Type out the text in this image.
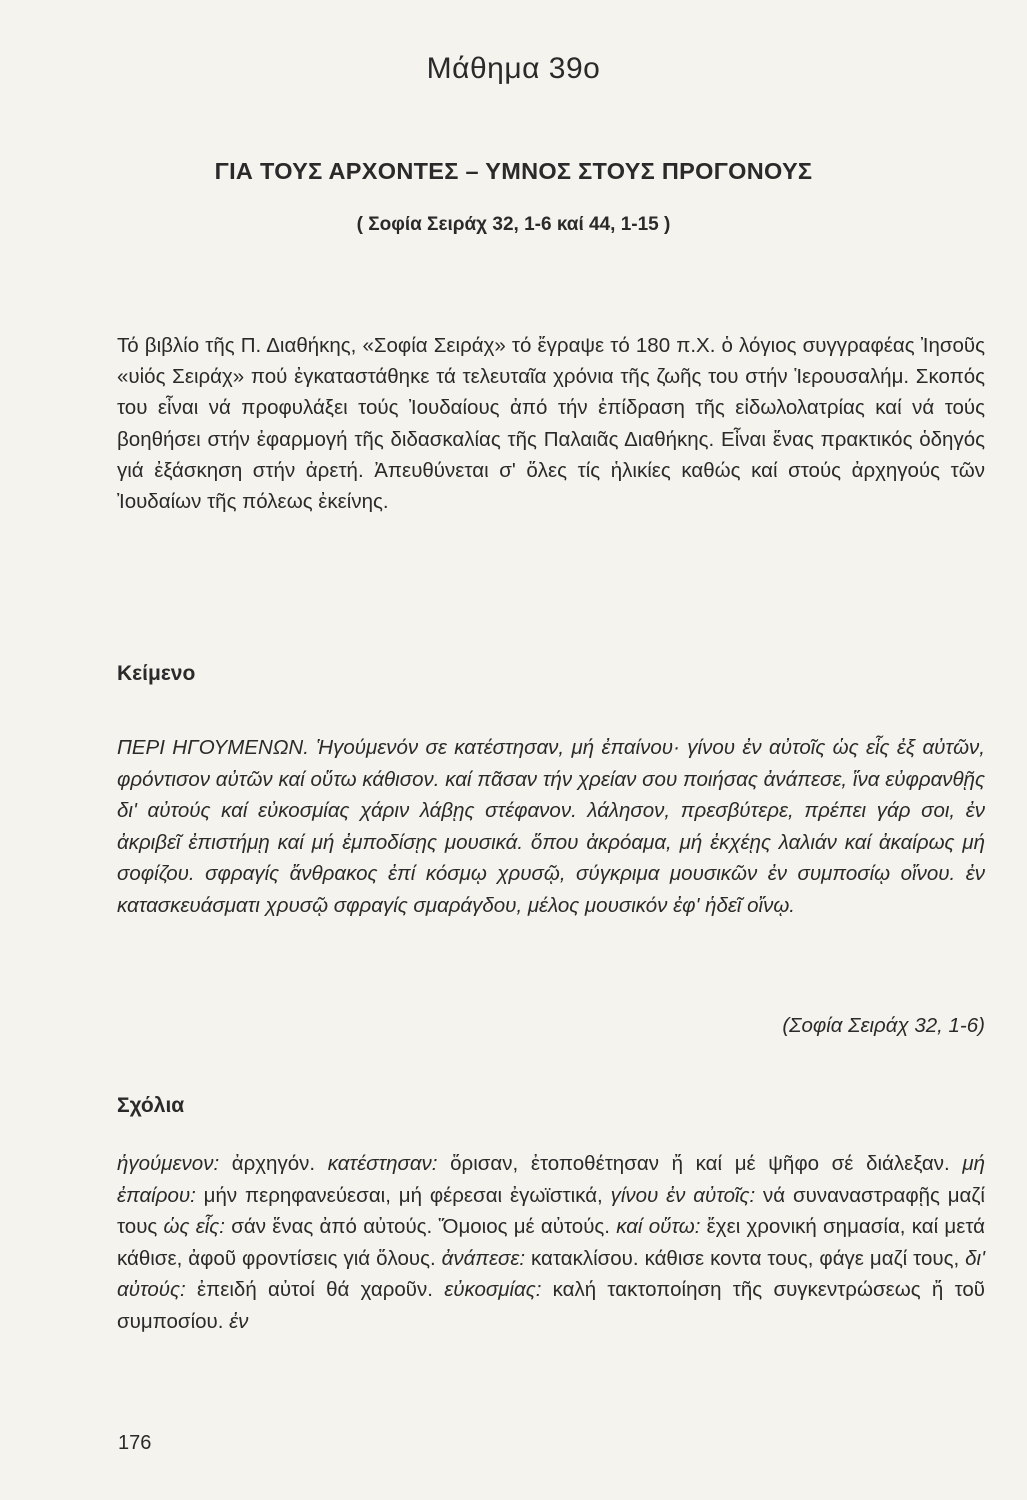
Μάθημα 39ο
ΓΙΑ ΤΟΥΣ ΑΡΧΟΝΤΕΣ – ΥΜΝΟΣ ΣΤΟΥΣ ΠΡΟΓΟΝΟΥΣ
( Σοφία Σειράχ 32, 1-6 καί 44, 1-15 )

Τό βιβλίο τῆς Π. Διαθήκης, «Σοφία Σειράχ» τό ἔγραψε τό 180 π.Χ. ὁ λόγιος συγγραφέας Ἰησοῦς «υἱός Σειράχ» πού ἐγκαταστάθηκε τά τελευταῖα χρόνια τῆς ζωῆς του στήν Ἱερουσαλήμ. Σκοπός του εἶναι νά προφυλάξει τούς Ἰουδαίους ἀπό τήν ἐπίδραση τῆς εἰδωλολατρίας καί νά τούς βοηθήσει στήν ἐφαρμογή τῆς διδασκαλίας τῆς Παλαιᾶς Διαθήκης. Εἶναι ἕνας πρακτικός ὁδηγός γιά ἐξάσκηση στήν ἀρετή. Ἀπευθύνεται σ' ὅλες τίς ἡλικίες καθώς καί στούς ἀρχηγούς τῶν Ἰουδαίων τῆς πόλεως ἐκείνης.

Κείμενο

ΠΕΡΙ ΗΓΟΥΜΕΝΩΝ. Ἡγούμενόν σε κατέστησαν, μή ἐπαίνου· γίνου ἐν αὐτοῖς ὡς εἷς ἐξ αὐτῶν, φρόντισον αὐτῶν καί οὕτω κάθισον. καί πᾶσαν τήν χρείαν σου ποιήσας ἀνάπεσε, ἵνα εὐφρανθῇς δι' αὐτούς καί εὐκοσμίας χάριν λάβῃς στέφανον. λάλησον, πρεσβύτερε, πρέπει γάρ σοι, ἐν ἀκριβεῖ ἐπιστήμῃ καί μή ἐμποδίσῃς μουσικά. ὅπου ἀκρόαμα, μή ἐκχέῃς λαλιάν καί ἀκαίρως μή σοφίζου. σφραγίς ἄνθρακος ἐπί κόσμῳ χρυσῷ, σύγκριμα μουσικῶν ἐν συμποσίῳ οἴνου. ἐν κατασκευάσματι χρυσῷ σφραγίς σμαράγδου, μέλος μουσικόν ἐφ' ἡδεῖ οἴνῳ.

(Σοφία Σειράχ 32, 1-6)

Σχόλια

ἡγούμενον: ἀρχηγόν. κατέστησαν: ὅρισαν, ἐτοποθέτησαν ἤ καί μέ ψῆφο σέ διάλεξαν. μή ἐπαίρου: μήν περηφανεύεσαι, μή φέρεσαι ἐγωϊστικά, γίνου ἐν αὐτοῖς: νά συναναστραφῇς μαζί τους ὡς εἷς: σάν ἕνας ἀπό αὐτούς. Ὅμοιος μέ αὐτούς. καί οὕτω: ἔχει χρονική σημασία, καί μετά κάθισε, ἀφοῦ φροντίσεις γιά ὅλους. ἀνάπεσε: κατακλίσου. κάθισε κοντα τους, φάγε μαζί τους, δι' αὐτούς: ἐπειδή αὐτοί θά χαροῦν. εὐκοσμίας: καλή τακτοποίηση τῆς συγκεντρώσεως ἤ τοῦ συμποσίου. ἐν

176
